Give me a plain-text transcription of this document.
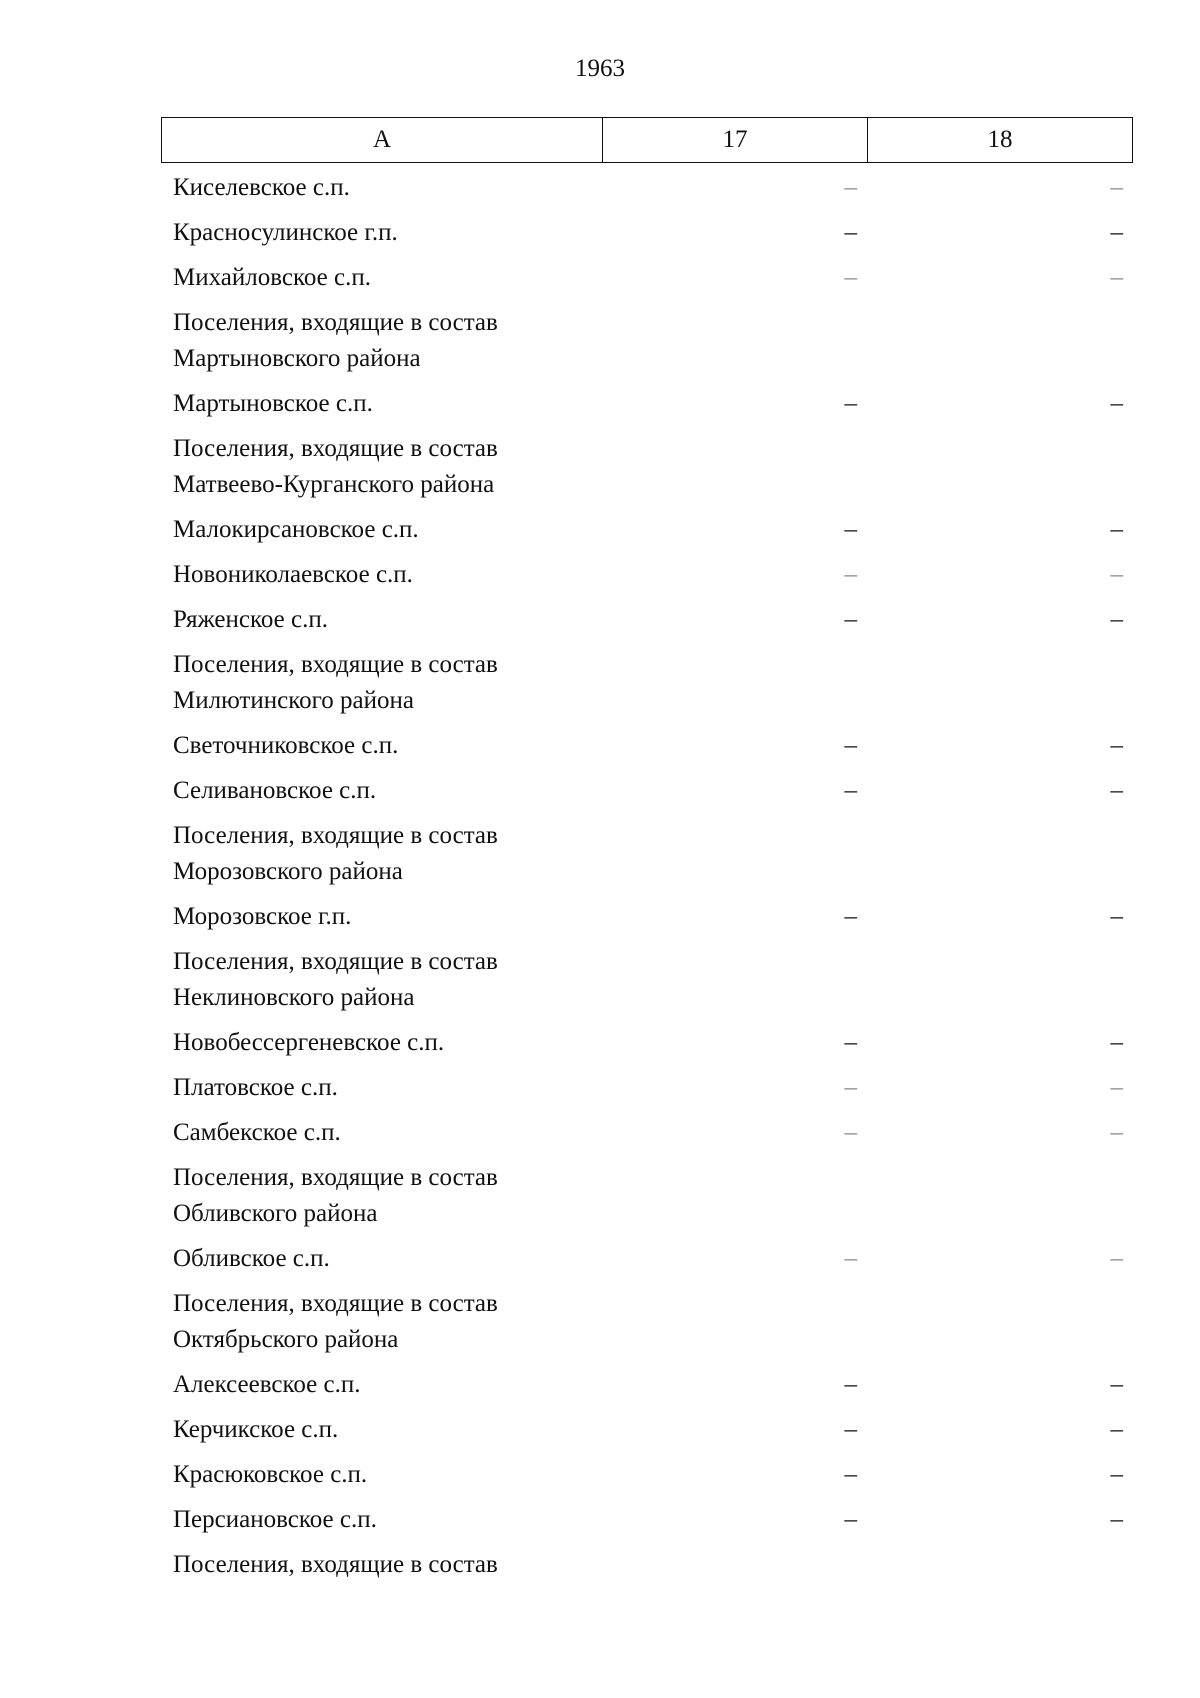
1963
А	17	18
Киселевское с.п.	–	–
Красносулинское г.п.	–	–
Михайловское с.п.	–	–
Поселения, входящие в состав
Мартыновского района
Мартыновское с.п.	–	–
Поселения, входящие в состав
Матвеево-Курганского района
Малокирсановское с.п.	–	–
Новониколаевское с.п.	–	–
Ряженское с.п.	–	–
Поселения, входящие в состав
Милютинского района
Светочниковское с.п.	–	–
Селивановское с.п.	–	–
Поселения, входящие в состав
Морозовского района
Морозовское г.п.	–	–
Поселения, входящие в состав
Неклиновского района
Новобессергеневское с.п.	–	–
Платовское с.п.	–	–
Самбекское с.п.	–	–
Поселения, входящие в состав
Обливского района
Обливское с.п.	–	–
Поселения, входящие в состав
Октябрьского района
Алексеевское с.п.	–	–
Керчикское с.п.	–	–
Красюковское с.п.	–	–
Персиановское с.п.	–	–
Поселения, входящие в состав
